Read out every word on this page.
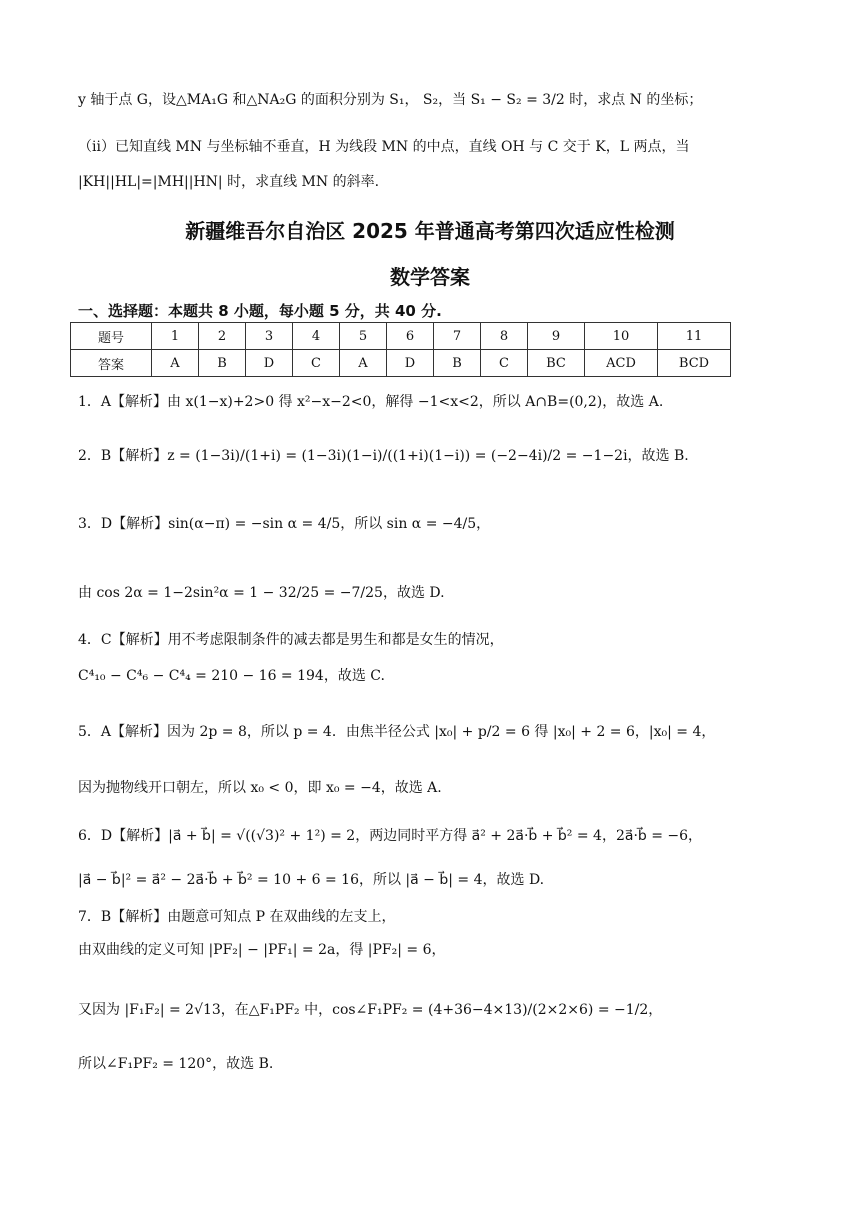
y 轴于点 G，设△MA₁G 和△NA₂G 的面积分别为 S₁， S₂，当 S₁ − S₂ = 3/2 时，求点 N 的坐标；
（ⅱ）已知直线 MN 与坐标轴不垂直，H 为线段 MN 的中点，直线 OH 与 C 交于 K，L 两点，当
|KH||HL|=|MH||HN| 时，求直线 MN 的斜率.
新疆维吾尔自治区 2025 年普通高考第四次适应性检测
数学答案
一、选择题：本题共 8 小题，每小题 5 分，共 40 分.
题号	1	2	3	4	5	6	7	8	9	10	11
答案	A	B	D	C	A	D	B	C	BC	ACD	BCD
1．A【解析】由 x(1−x)+2>0 得 x²−x−2<0，解得 −1<x<2，所以 A∩B=(0,2)，故选 A.
2．B【解析】z = (1−3i)/(1+i) = (1−3i)(1−i)/((1+i)(1−i)) = (−2−4i)/2 = −1−2i，故选 B.
3．D【解析】sin(α−π) = −sin α = 4/5，所以 sin α = −4/5，
由 cos 2α = 1−2sin²α = 1 − 32/25 = −7/25，故选 D.
4．C【解析】用不考虑限制条件的减去都是男生和都是女生的情况，
C⁴₁₀ − C⁴₆ − C⁴₄ = 210 − 16 = 194，故选 C.
5．A【解析】因为 2p = 8，所以 p = 4．由焦半径公式 |x₀| + p/2 = 6 得 |x₀| + 2 = 6，|x₀| = 4，
因为抛物线开口朝左，所以 x₀ < 0，即 x₀ = −4，故选 A.
6．D【解析】|a⃗ + b⃗| = √((√3)² + 1²) = 2，两边同时平方得 a⃗² + 2a⃗·b⃗ + b⃗² = 4，2a⃗·b⃗ = −6，
|a⃗ − b⃗|² = a⃗² − 2a⃗·b⃗ + b⃗² = 10 + 6 = 16，所以 |a⃗ − b⃗| = 4，故选 D.
7．B【解析】由题意可知点 P 在双曲线的左支上，
由双曲线的定义可知 |PF₂| − |PF₁| = 2a，得 |PF₂| = 6，
又因为 |F₁F₂| = 2√13，在△F₁PF₂ 中，cos∠F₁PF₂ = (4+36−4×13)/(2×2×6) = −1/2，
所以∠F₁PF₂ = 120°，故选 B.
